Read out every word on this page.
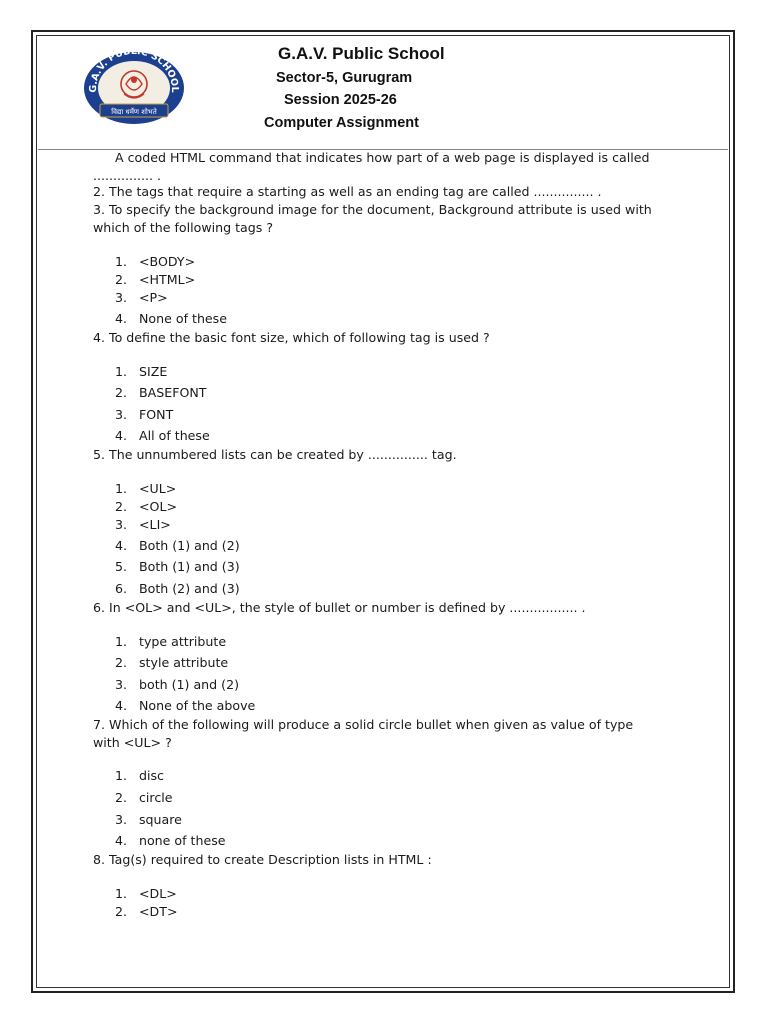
G.A.V. PUBLIC SCHOOL
विद्या धर्मेण शोभते
G.A.V. Public School
Sector-5, Gurugram
Session 2025-26
Computer Assignment
A coded HTML command that indicates how part of a web page is displayed is called
............... .
2. The tags that require a starting as well as an ending tag are called ............... .
3. To specify the background image for the document, Background attribute is used with
which of the following tags ?
1. <BODY>
2. <HTML>
3. <P>
4. None of these
4. To define the basic font size, which of following tag is used ?
1. SIZE
2. BASEFONT
3. FONT
4. All of these
5. The unnumbered lists can be created by ............... tag.
1. <UL>
2. <OL>
3. <LI>
4. Both (1) and (2)
5. Both (1) and (3)
6. Both (2) and (3)
6. In <OL> and <UL>, the style of bullet or number is defined by ................. .
1. type attribute
2. style attribute
3. both (1) and (2)
4. None of the above
7. Which of the following will produce a solid circle bullet when given as value of type
with <UL> ?
1. disc
2. circle
3. square
4. none of these
8. Tag(s) required to create Description lists in HTML :
1. <DL>
2. <DT>
